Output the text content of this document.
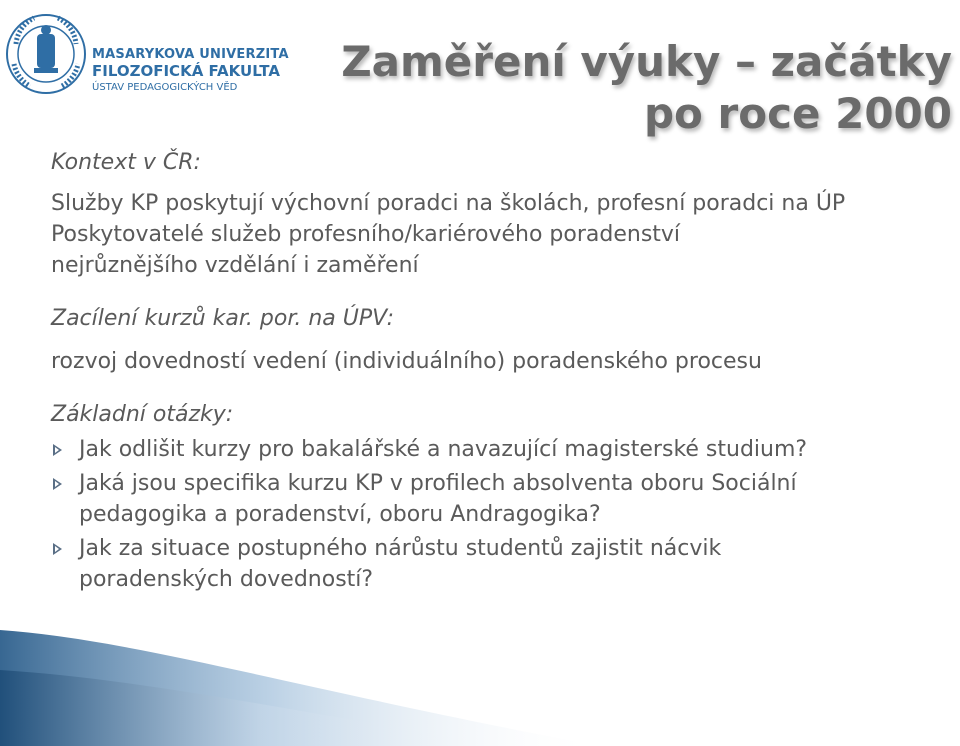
MASARYKOVA UNIVERZITA
FILOZOFICKÁ FAKULTA
ÚSTAV PEDAGOGICKÝCH VĚD
Zaměření výuky – začátky
po roce 2000

Kontext v ČR:

Služby KP poskytují výchovní poradci na školách, profesní poradci na ÚP

Poskytovatelé služeb profesního/kariérového poradenství nejrůznějšího vzdělání i zaměření

Zacílení kurzů kar. por. na ÚPV:

rozvoj dovedností vedení (individuálního) poradenského procesu

Základní otázky:

Jak odlišit kurzy pro bakalářské a navazující magisterské studium?
Jaká jsou specifika kurzu KP v profilech absolventa oboru Sociální pedagogika a poradenství, oboru Andragogika?
Jak za situace postupného nárůstu studentů zajistit nácvik poradenských dovedností?
